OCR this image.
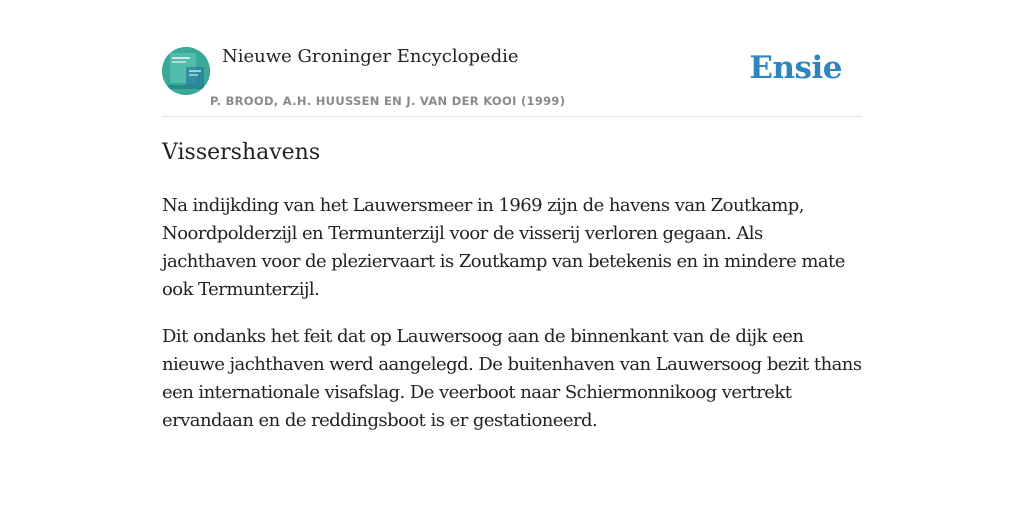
Nieuwe Groninger Encyclopedie
P. BROOD, A.H. HUUSSEN EN J. VAN DER KOOI (1999)
Ensie
Vissershavens

Na indijkding van het Lauwersmeer in 1969 zijn de havens van Zoutkamp, Noordpolderzijl en Termunterzijl voor de visserij verloren gegaan. Als jachthaven voor de pleziervaart is Zoutkamp van betekenis en in mindere mate ook Termunterzijl.

Dit ondanks het feit dat op Lauwersoog aan de binnenkant van de dijk een nieuwe jachthaven werd aangelegd. De buitenhaven van Lauwersoog bezit thans een internationale visafslag. De veerboot naar Schiermonnikoog vertrekt ervandaan en de reddingsboot is er gestationeerd.
